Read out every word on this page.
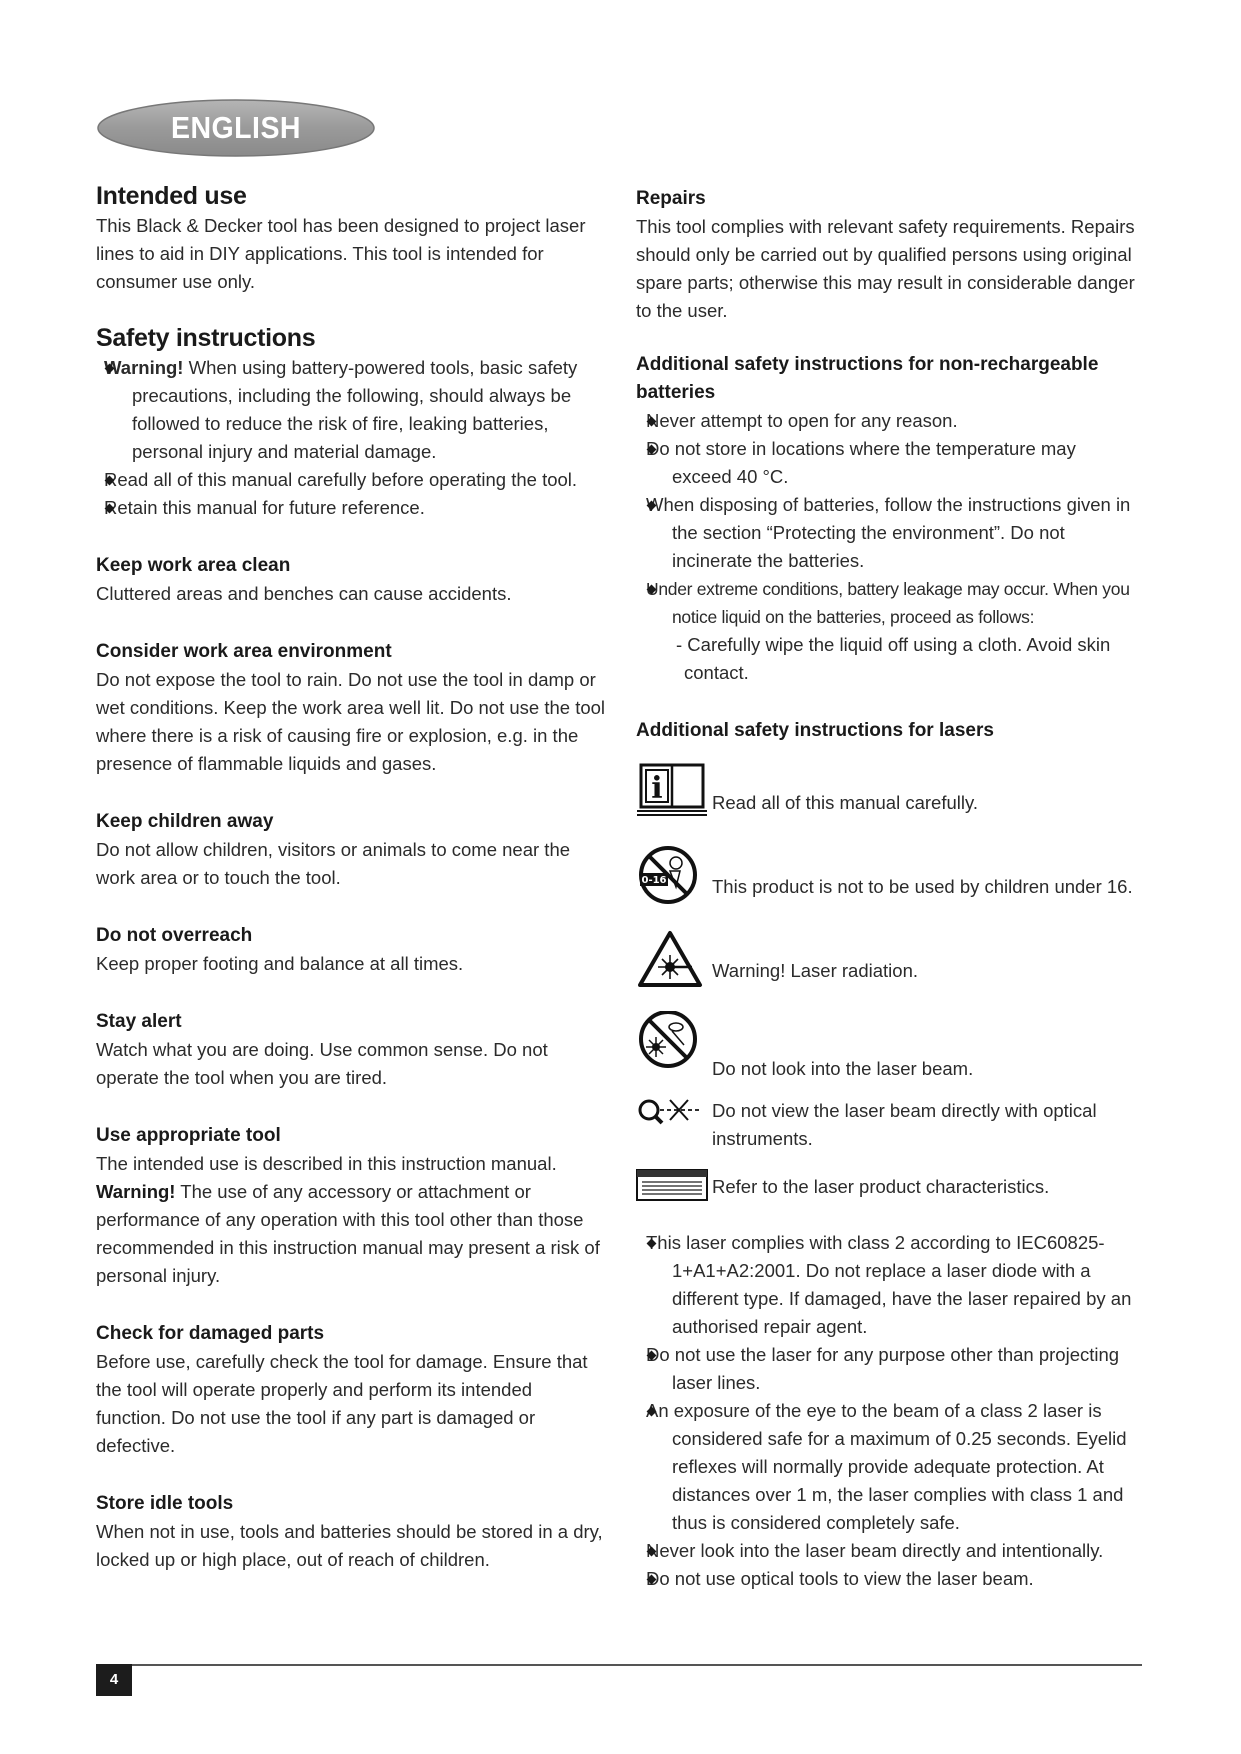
ENGLISH
Intended use

This Black & Decker tool has been designed to project laser lines to aid in DIY applications. This tool is intended for consumer use only.

Safety instructions
Warning! When using battery-powered tools, basic safety precautions, including the following, should always be followed to reduce the risk of fire, leaking batteries, personal injury and material damage.
Read all of this manual carefully before operating the tool.
Retain this manual for future reference.
Keep work area clean

Cluttered areas and benches can cause accidents.

Consider work area environment

Do not expose the tool to rain. Do not use the tool in damp or wet conditions. Keep the work area well lit. Do not use the tool where there is a risk of causing fire or explosion, e.g. in the presence of flammable liquids and gases.

Keep children away

Do not allow children, visitors or animals to come near the work area or to touch the tool.

Do not overreach

Keep proper footing and balance at all times.

Stay alert

Watch what you are doing. Use common sense. Do not operate the tool when you are tired.

Use appropriate tool

The intended use is described in this instruction manual.

Warning! The use of any accessory or attachment or performance of any operation with this tool other than those recommended in this instruction manual may present a risk of personal injury.

Check for damaged parts

Before use, carefully check the tool for damage. Ensure that the tool will operate properly and perform its intended function. Do not use the tool if any part is damaged or defective.

Store idle tools

When not in use, tools and batteries should be stored in a dry, locked up or high place, out of reach of children.

Repairs

This tool complies with relevant safety requirements. Repairs should only be carried out by qualified persons using original spare parts; otherwise this may result in considerable danger to the user.

Additional safety instructions for non-rechargeable batteries
Never attempt to open for any reason.
Do not store in locations where the temperature may exceed 40 °C.
When disposing of batteries, follow the instructions given in the section “Protecting the environment”. Do not incinerate the batteries.
Under extreme conditions, battery leakage may occur. When you notice liquid on the batteries, proceed as follows:
- Carefully wipe the liquid off using a cloth. Avoid skin contact.
Additional safety instructions for lasers
i	Read all of this manual carefully.
0-16 This product is not to be used by children under 16.
Warning! Laser radiation.
Do not look into the laser beam.
Do not view the laser beam directly with optical instruments.
Refer to the laser product characteristics.
This laser complies with class 2 according to IEC60825-1+A1+A2:2001. Do not replace a laser diode with a different type. If damaged, have the laser repaired by an authorised repair agent.
Do not use the laser for any purpose other than projecting laser lines.
An exposure of the eye to the beam of a class 2 laser is considered safe for a maximum of 0.25 seconds. Eyelid reflexes will normally provide adequate protection. At distances over 1 m, the laser complies with class 1 and thus is considered completely safe.
Never look into the laser beam directly and intentionally.
Do not use optical tools to view the laser beam.
4
